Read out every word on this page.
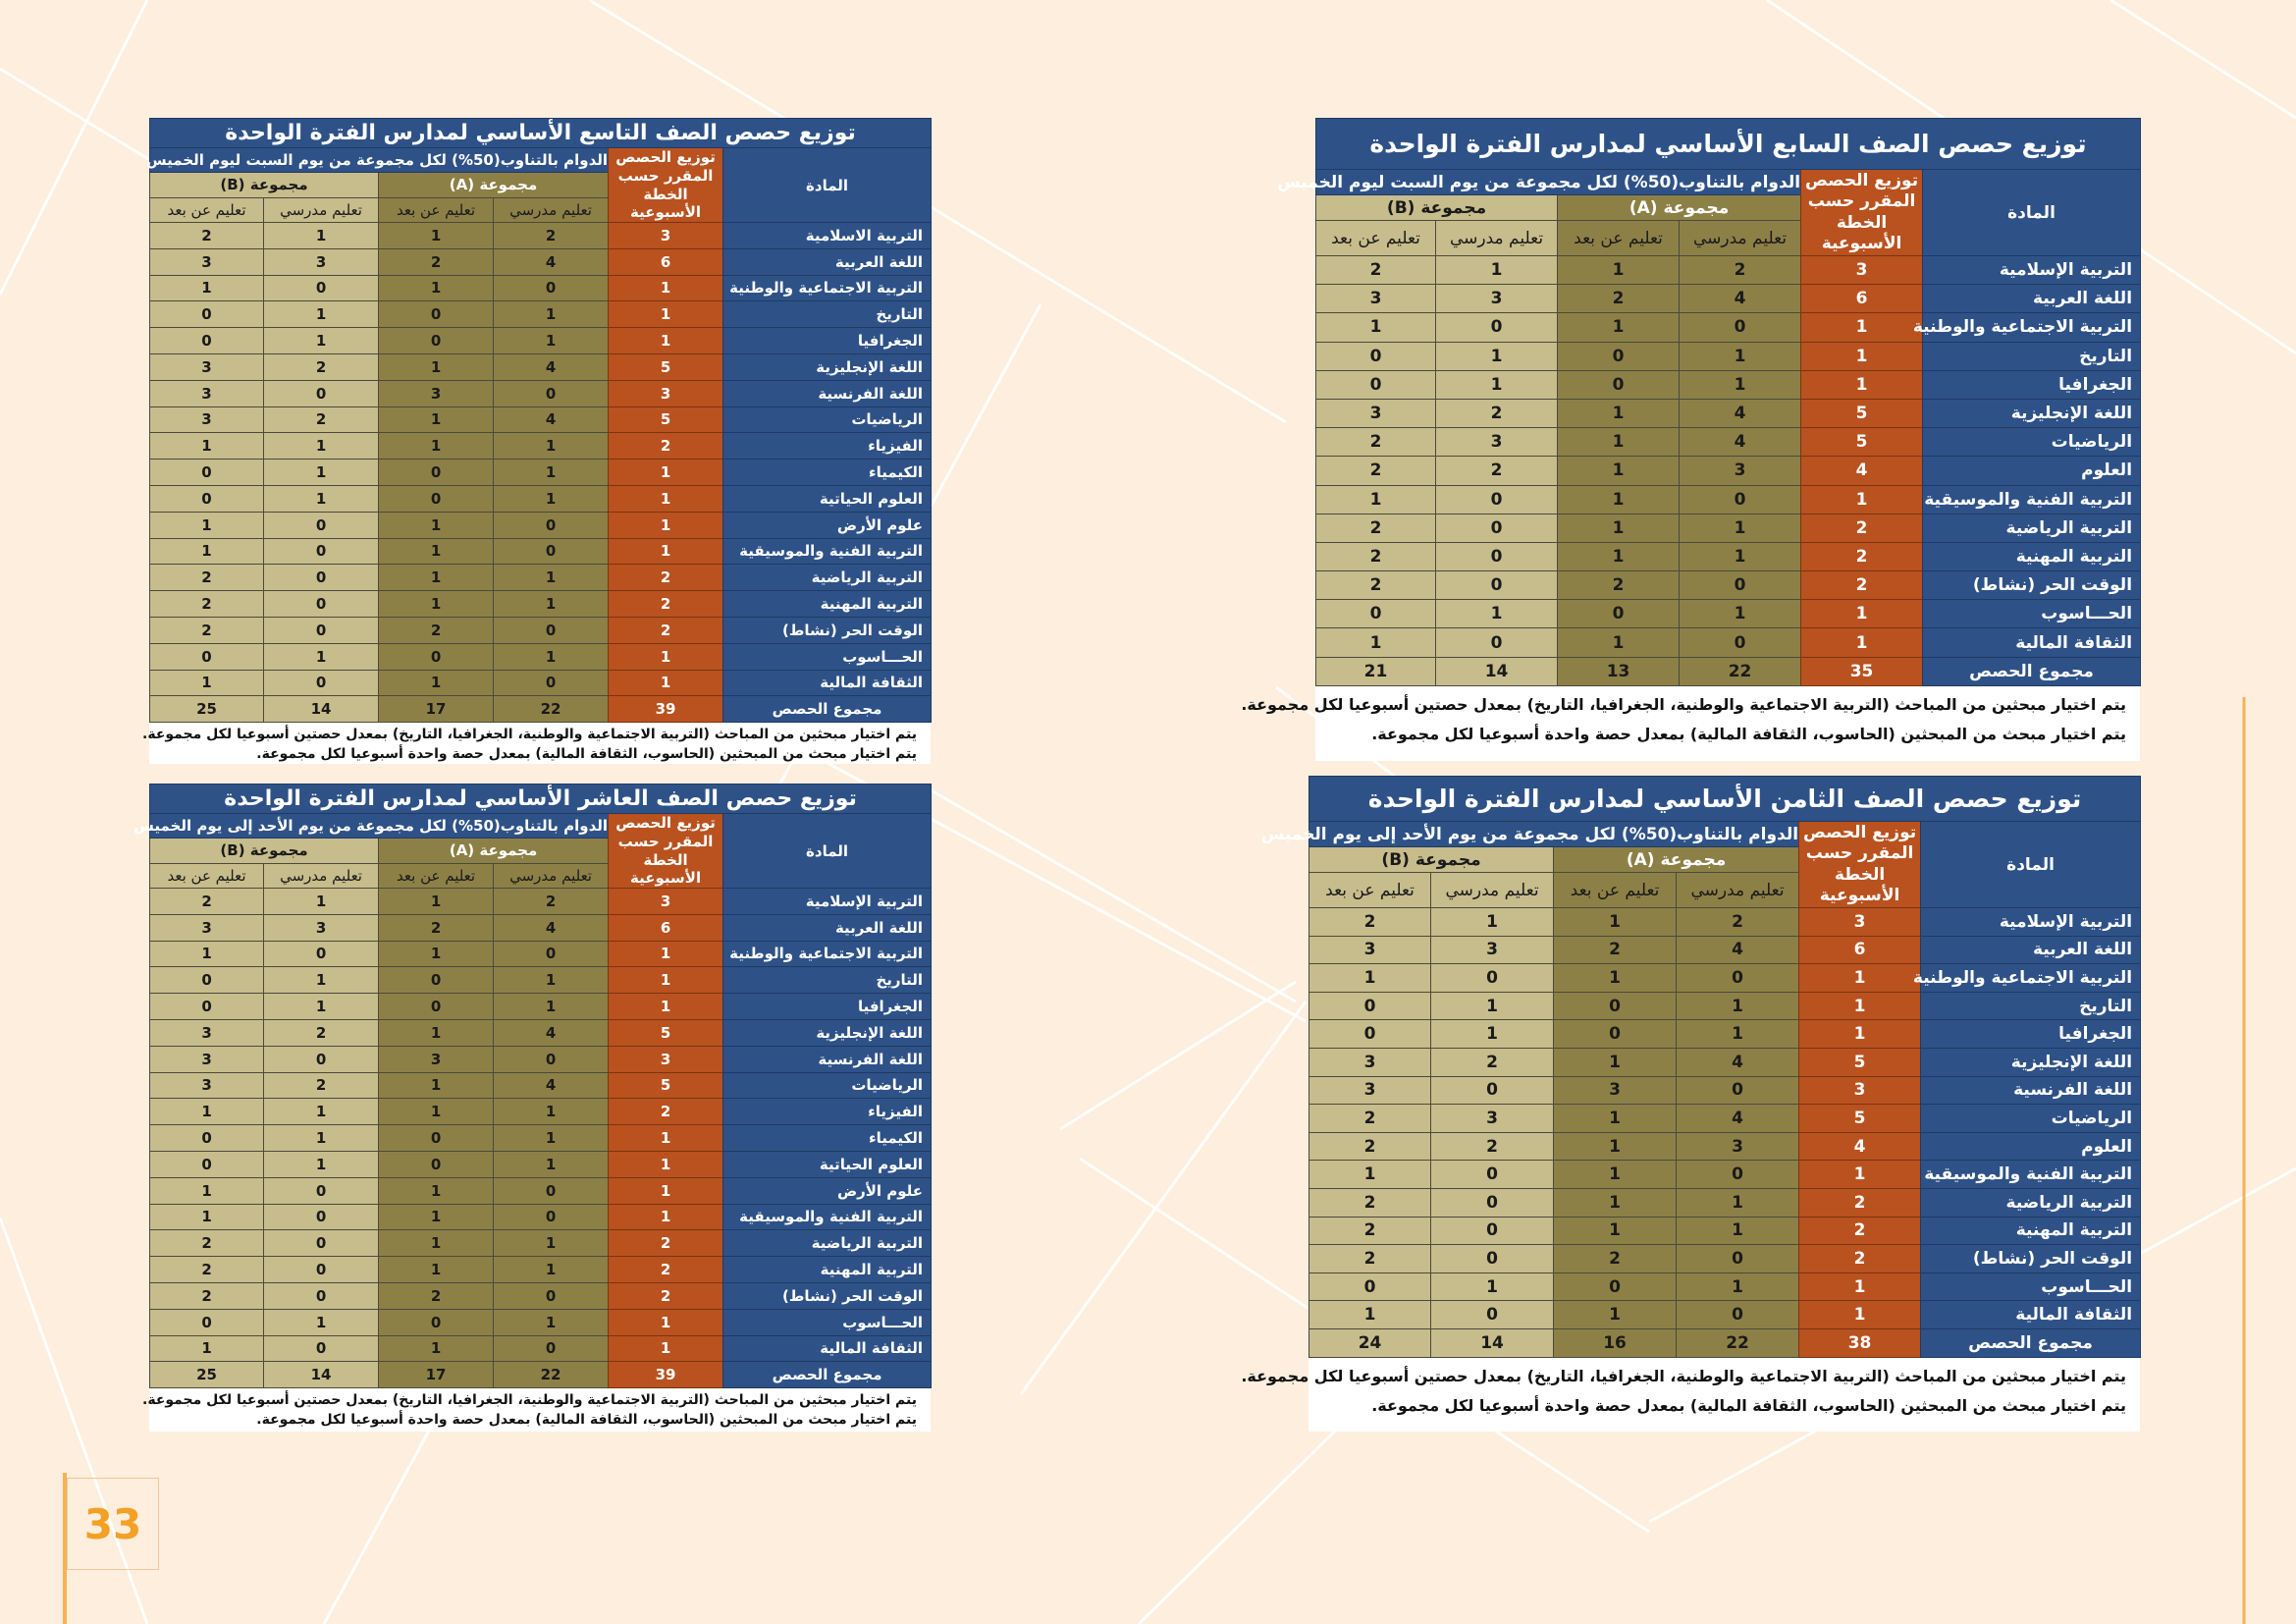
33
توزيع حصص الصف التاسع الأساسي لمدارس الفترة الواحدة					
المادة	توزيع الحصص المقرر حسب الخطة الأسبوعية	الدوام بالتناوب(50%) لكل مجموعة من يوم السبت ليوم الخميس			
		مجموعة (A)		مجموعة (B)	
		تعليم مدرسي	تعليم عن بعد	تعليم مدرسي	تعليم عن بعد
التربية الاسلامية	3	2	1	1	2
اللغة العربية	6	4	2	3	3
التربية الاجتماعية والوطنية	1	0	1	0	1
التاريخ	1	1	0	1	0
الجغرافيا	1	1	0	1	0
اللغة الإنجليزية	5	4	1	2	3
اللغة الفرنسية	3	0	3	0	3
الرياضيات	5	4	1	2	3
الفيزياء	2	1	1	1	1
الكيمياء	1	1	0	1	0
العلوم الحياتية	1	1	0	1	0
علوم الأرض	1	0	1	0	1
التربية الفنية والموسيقية	1	0	1	0	1
التربية الرياضية	2	1	1	0	2
التربية المهنية	2	1	1	0	2
الوقت الحر (نشاط)	2	0	2	0	2
الحـــاسوب	1	1	0	1	0
الثقافة المالية	1	0	1	0	1
مجموع الحصص	39	22	17	14	25
يتم اختيار مبحثين من المباحث (التربية الاجتماعية والوطنية، الجغرافيا، التاريخ) بمعدل حصتين أسبوعيا لكل مجموعة.
يتم اختيار مبحث من المبحثين (الحاسوب، الثقافة المالية) بمعدل حصة واحدة أسبوعيا لكل مجموعة.
توزيع حصص الصف العاشر الأساسي لمدارس الفترة الواحدة					
المادة	توزيع الحصص المقرر حسب الخطة الأسبوعية	الدوام بالتناوب(50%) لكل مجموعة من يوم الأحد إلى يوم الخميس			
		مجموعة (A)		مجموعة (B)	
		تعليم مدرسي	تعليم عن بعد	تعليم مدرسي	تعليم عن بعد
التربية الإسلامية	3	2	1	1	2
اللغة العربية	6	4	2	3	3
التربية الاجتماعية والوطنية	1	0	1	0	1
التاريخ	1	1	0	1	0
الجغرافيا	1	1	0	1	0
اللغة الإنجليزية	5	4	1	2	3
اللغة الفرنسية	3	0	3	0	3
الرياضيات	5	4	1	2	3
الفيزياء	2	1	1	1	1
الكيمياء	1	1	0	1	0
العلوم الحياتية	1	1	0	1	0
علوم الأرض	1	0	1	0	1
التربية الفنية والموسيقية	1	0	1	0	1
التربية الرياضية	2	1	1	0	2
التربية المهنية	2	1	1	0	2
الوقت الحر (نشاط)	2	0	2	0	2
الحـــاسوب	1	1	0	1	0
الثقافة المالية	1	0	1	0	1
مجموع الحصص	39	22	17	14	25
يتم اختيار مبحثين من المباحث (التربية الاجتماعية والوطنية، الجغرافيا، التاريخ) بمعدل حصتين أسبوعيا لكل مجموعة.
يتم اختيار مبحث من المبحثين (الحاسوب، الثقافة المالية) بمعدل حصة واحدة أسبوعيا لكل مجموعة.
توزيع حصص الصف السابع الأساسي لمدارس الفترة الواحدة					
المادة	توزيع الحصص المقرر حسب الخطة الأسبوعية	الدوام بالتناوب(50%) لكل مجموعة من يوم السبت ليوم الخميس			
		مجموعة (A)		مجموعة (B)	
		تعليم مدرسي	تعليم عن بعد	تعليم مدرسي	تعليم عن بعد
التربية الإسلامية	3	2	1	1	2
اللغة العربية	6	4	2	3	3
التربية الاجتماعية والوطنية	1	0	1	0	1
التاريخ	1	1	0	1	0
الجغرافيا	1	1	0	1	0
اللغة الإنجليزية	5	4	1	2	3
الرياضيات	5	4	1	3	2
العلوم	4	3	1	2	2
التربية الفنية والموسيقية	1	0	1	0	1
التربية الرياضية	2	1	1	0	2
التربية المهنية	2	1	1	0	2
الوقت الحر (نشاط)	2	0	2	0	2
الحـــاسوب	1	1	0	1	0
الثقافة المالية	1	0	1	0	1
مجموع الحصص	35	22	13	14	21
يتم اختيار مبحثين من المباحث (التربية الاجتماعية والوطنية، الجغرافيا، التاريخ) بمعدل حصتين أسبوعيا لكل مجموعة.
يتم اختيار مبحث من المبحثين (الحاسوب، الثقافة المالية) بمعدل حصة واحدة أسبوعيا لكل مجموعة.
توزيع حصص الصف الثامن الأساسي لمدارس الفترة الواحدة					
المادة	توزيع الحصص المقرر حسب الخطة الأسبوعية	الدوام بالتناوب(50%) لكل مجموعة من يوم الأحد إلى يوم الخميس			
		مجموعة (A)		مجموعة (B)	
		تعليم مدرسي	تعليم عن بعد	تعليم مدرسي	تعليم عن بعد
التربية الإسلامية	3	2	1	1	2
اللغة العربية	6	4	2	3	3
التربية الاجتماعية والوطنية	1	0	1	0	1
التاريخ	1	1	0	1	0
الجغرافيا	1	1	0	1	0
اللغة الإنجليزية	5	4	1	2	3
اللغة الفرنسية	3	0	3	0	3
الرياضيات	5	4	1	3	2
العلوم	4	3	1	2	2
التربية الفنية والموسيقية	1	0	1	0	1
التربية الرياضية	2	1	1	0	2
التربية المهنية	2	1	1	0	2
الوقت الحر (نشاط)	2	0	2	0	2
الحـــاسوب	1	1	0	1	0
الثقافة المالية	1	0	1	0	1
مجموع الحصص	38	22	16	14	24
يتم اختيار مبحثين من المباحث (التربية الاجتماعية والوطنية، الجغرافيا، التاريخ) بمعدل حصتين أسبوعيا لكل مجموعة.
يتم اختيار مبحث من المبحثين (الحاسوب، الثقافة المالية) بمعدل حصة واحدة أسبوعيا لكل مجموعة.
